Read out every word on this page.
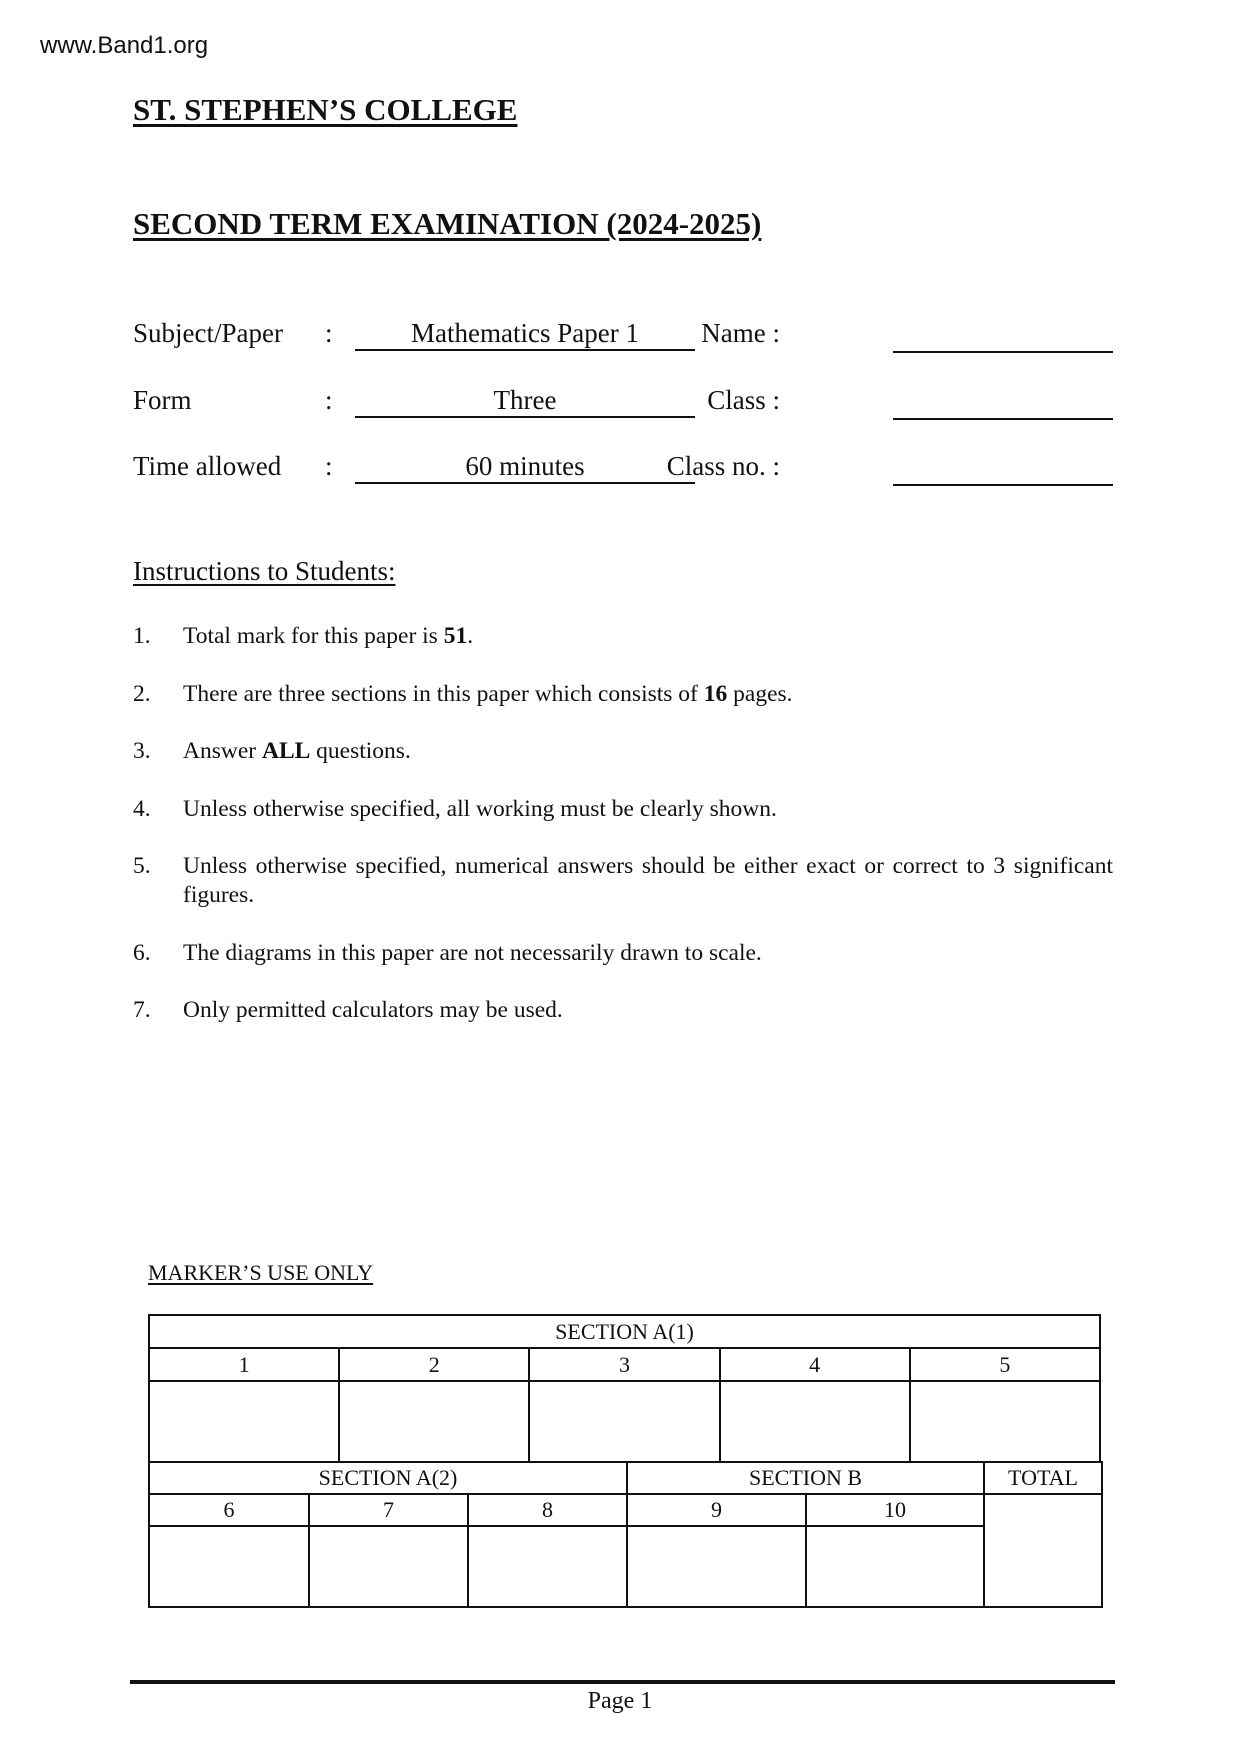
www.Band1.org
ST. STEPHEN’S COLLEGE
SECOND TERM EXAMINATION (2024-2025)
Subject/Paper :	Mathematics Paper 1	Name :
Form	:	Three	Class :
Time allowed :	60 minutes	Class no. :
Instructions to Students:
1.	Total mark for this paper is 51.
2.	There are three sections in this paper which consists of 16 pages.
3.	Answer ALL questions.
4.	Unless otherwise specified, all working must be clearly shown.
5.	Unless otherwise specified, numerical answers should be either exact or correct to 3 significant figures.
6.	The diagrams in this paper are not necessarily drawn to scale.
7.	Only permitted calculators may be used.
MARKER’S USE ONLY
SECTION A(1)				
1	2	3	4	5

SECTION A(2)			SECTION B		TOTAL
6	7	8	9	10	

Page 1
